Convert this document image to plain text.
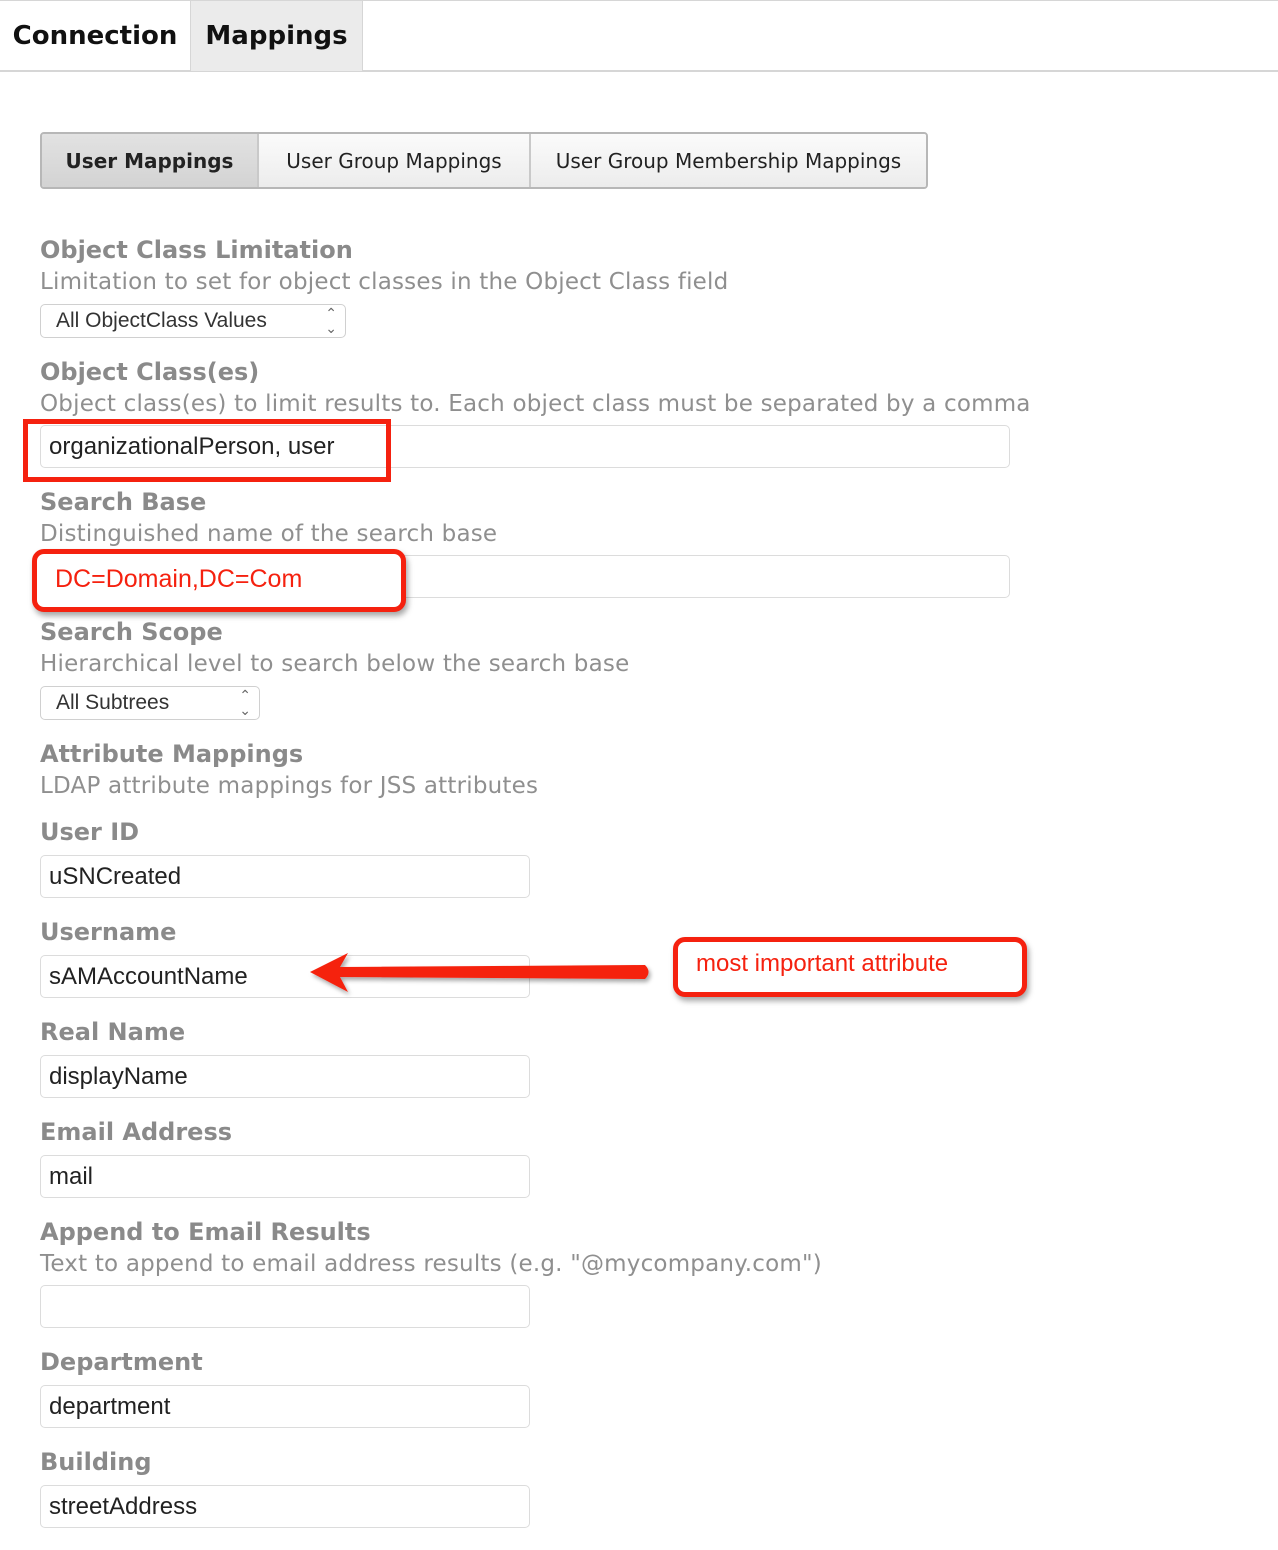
Connection	Mappings
User Mappings	User Group Mappings	User Group Membership Mappings
Object Class Limitation
Limitation to set for object classes in the Object Class field
All ObjectClass Values	⌃
⌄
Object Class(es)
Object class(es) to limit results to. Each object class must be separated by a comma
organizationalPerson, user
Search Base
Distinguished name of the search base
DC=Domain,DC=Com
Search Scope
Hierarchical level to search below the search base
All Subtrees	⌃
⌄
Attribute Mappings
LDAP attribute mappings for JSS attributes
User ID
uSNCreated
Username
sAMAccountName	most important attribute
Real Name
displayName
Email Address
mail
Append to Email Results
Text to append to email address results (e.g. "@mycompany.com")
Department
department
Building
streetAddress
